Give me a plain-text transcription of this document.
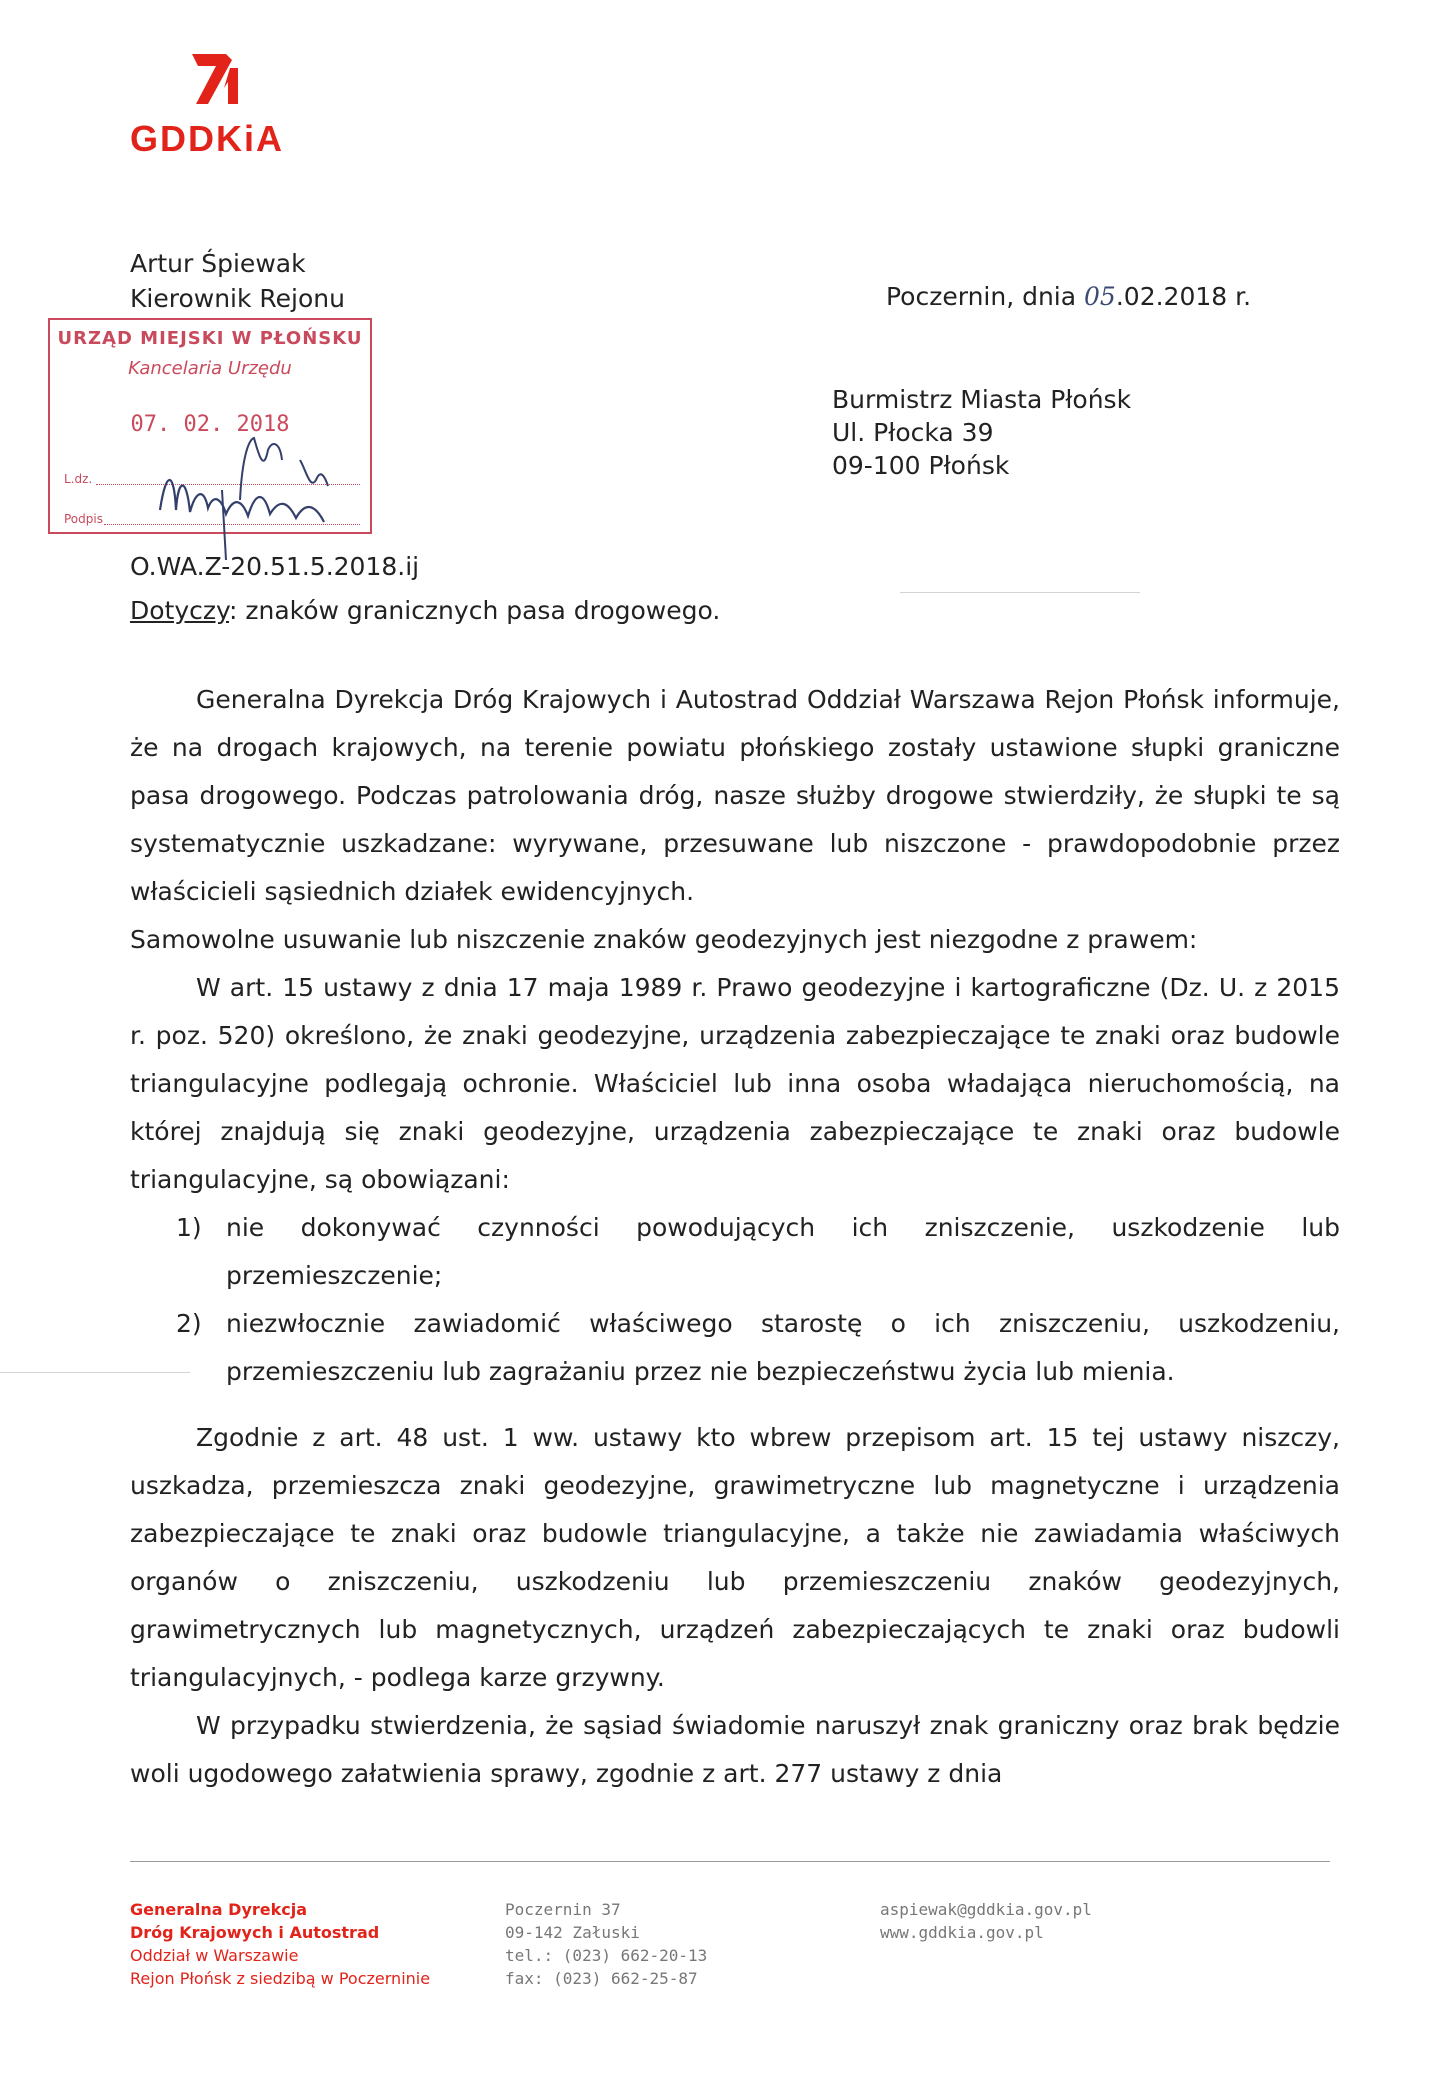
GDDKiA
Artur Śpiewak
Kierownik Rejonu	Poczernin, dnia 05.02.2018 r.
Burmistrz Miasta Płońsk
Ul. Płocka 39
09-100 Płońsk
URZĄD MIEJSKI W PŁOŃSKU
Kancelaria Urzędu
07. 02. 2018
L.dz.
Podpis
O.WA.Z-20.51.5.2018.ij
Dotyczy: znaków granicznych pasa drogowego.

Generalna Dyrekcja Dróg Krajowych i Autostrad Oddział Warszawa Rejon Płońsk informuje, że na drogach krajowych, na terenie powiatu płońskiego zostały ustawione słupki graniczne pasa drogowego. Podczas patrolowania dróg, nasze służby drogowe stwierdziły, że słupki te są systematycznie uszkadzane: wyrywane, przesuwane lub niszczone - prawdopodobnie przez właścicieli sąsiednich działek ewidencyjnych.

Samowolne usuwanie lub niszczenie znaków geodezyjnych jest niezgodne z prawem:

W art. 15 ustawy z dnia 17 maja 1989 r. Prawo geodezyjne i kartograficzne (Dz. U. z 2015 r. poz. 520) określono, że znaki geodezyjne, urządzenia zabezpieczające te znaki oraz budowle triangulacyjne podlegają ochronie. Właściciel lub inna osoba władająca nieruchomością, na której znajdują się znaki geodezyjne, urządzenia zabezpieczające te znaki oraz budowle triangulacyjne, są obowiązani:

1) nie dokonywać czynności powodujących ich zniszczenie, uszkodzenie lub przemieszczenie;

2) niezwłocznie zawiadomić właściwego starostę o ich zniszczeniu, uszkodzeniu, przemieszczeniu lub zagrażaniu przez nie bezpieczeństwu życia lub mienia.

Zgodnie z art. 48 ust. 1 ww. ustawy kto wbrew przepisom art. 15 tej ustawy niszczy, uszkadza, przemieszcza znaki geodezyjne, grawimetryczne lub magnetyczne i urządzenia zabezpieczające te znaki oraz budowle triangulacyjne, a także nie zawiadamia właściwych organów o zniszczeniu, uszkodzeniu lub przemieszczeniu znaków geodezyjnych, grawimetrycznych lub magnetycznych, urządzeń zabezpieczających te znaki oraz budowli triangulacyjnych, - podlega karze grzywny.

W przypadku stwierdzenia, że sąsiad świadomie naruszył znak graniczny oraz brak będzie woli ugodowego załatwienia sprawy, zgodnie z art. 277 ustawy z dnia

Generalna Dyrekcja
Dróg Krajowych i Autostrad
Oddział w Warszawie
Rejon Płońsk z siedzibą w Poczerninie
Poczernin 37
09-142 Załuski
tel.: (023) 662-20-13
fax: (023) 662-25-87
aspiewak@gddkia.gov.pl
www.gddkia.gov.pl
